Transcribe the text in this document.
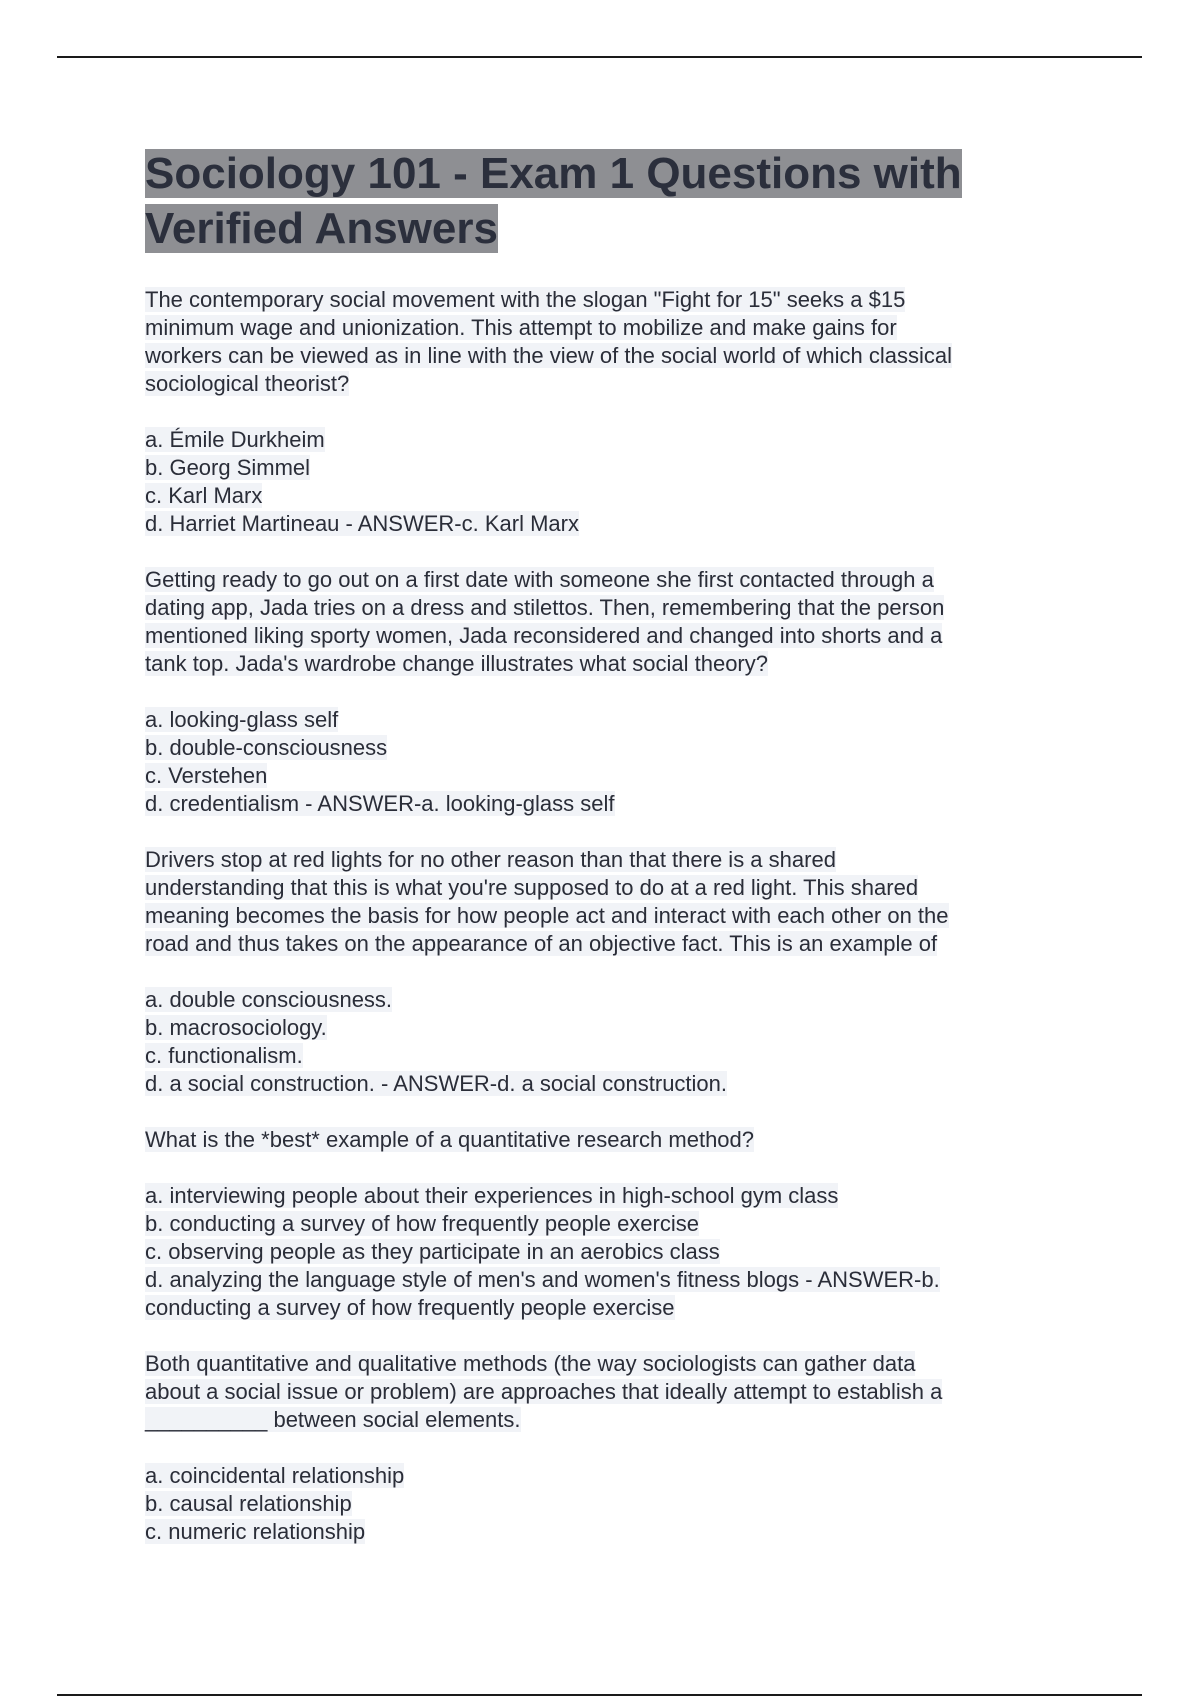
Sociology 101 - Exam 1 Questions with
Verified Answers
The contemporary social movement with the slogan "Fight for 15" seeks a $15
minimum wage and unionization. This attempt to mobilize and make gains for
workers can be viewed as in line with the view of the social world of which classical
sociological theorist?
a. Émile Durkheim
b. Georg Simmel
c. Karl Marx
d. Harriet Martineau - ANSWER-c. Karl Marx
Getting ready to go out on a first date with someone she first contacted through a
dating app, Jada tries on a dress and stilettos. Then, remembering that the person
mentioned liking sporty women, Jada reconsidered and changed into shorts and a
tank top. Jada's wardrobe change illustrates what social theory?
a. looking-glass self
b. double-consciousness
c. Verstehen
d. credentialism - ANSWER-a. looking-glass self
Drivers stop at red lights for no other reason than that there is a shared
understanding that this is what you're supposed to do at a red light. This shared
meaning becomes the basis for how people act and interact with each other on the
road and thus takes on the appearance of an objective fact. This is an example of
a. double consciousness.
b. macrosociology.
c. functionalism.
d. a social construction. - ANSWER-d. a social construction.
What is the *best* example of a quantitative research method?
a. interviewing people about their experiences in high-school gym class
b. conducting a survey of how frequently people exercise
c. observing people as they participate in an aerobics class
d. analyzing the language style of men's and women's fitness blogs - ANSWER-b.
conducting a survey of how frequently people exercise
Both quantitative and qualitative methods (the way sociologists can gather data
about a social issue or problem) are approaches that ideally attempt to establish a
__________ between social elements.
a. coincidental relationship
b. causal relationship
c. numeric relationship
